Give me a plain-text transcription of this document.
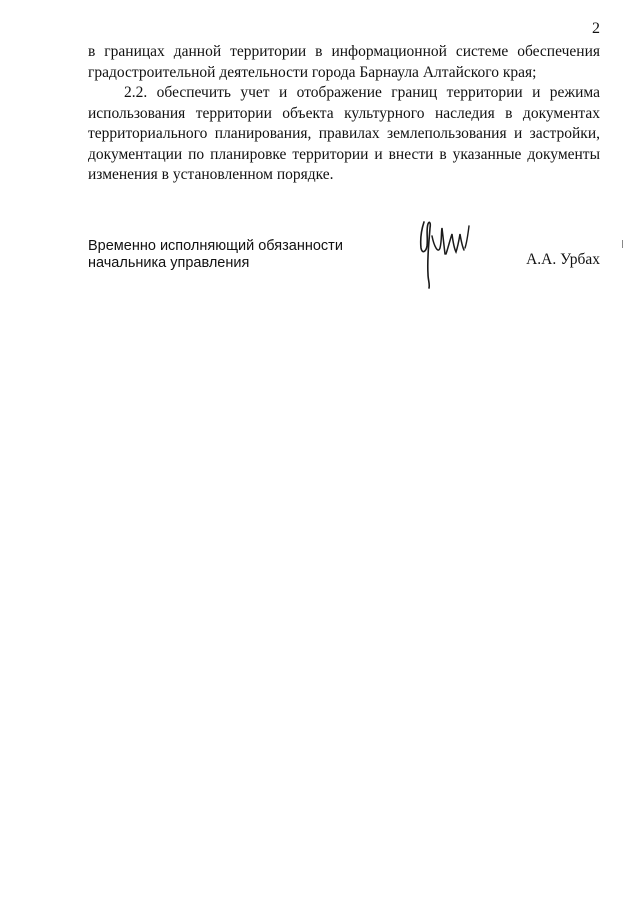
2

в границах данной территории в информационной системе обеспечения градостроительной деятельности города Барнаула Алтайского края;

2.2. обеспечить учет и отображение границ территории и режима использования территории объекта культурного наследия в документах территориального планирования, правилах землепользования и застройки, документации по планировке территории и внести в указанные документы изменения в установленном порядке.

Временно исполняющий обязанности
начальника управления	А.А. Урбах
